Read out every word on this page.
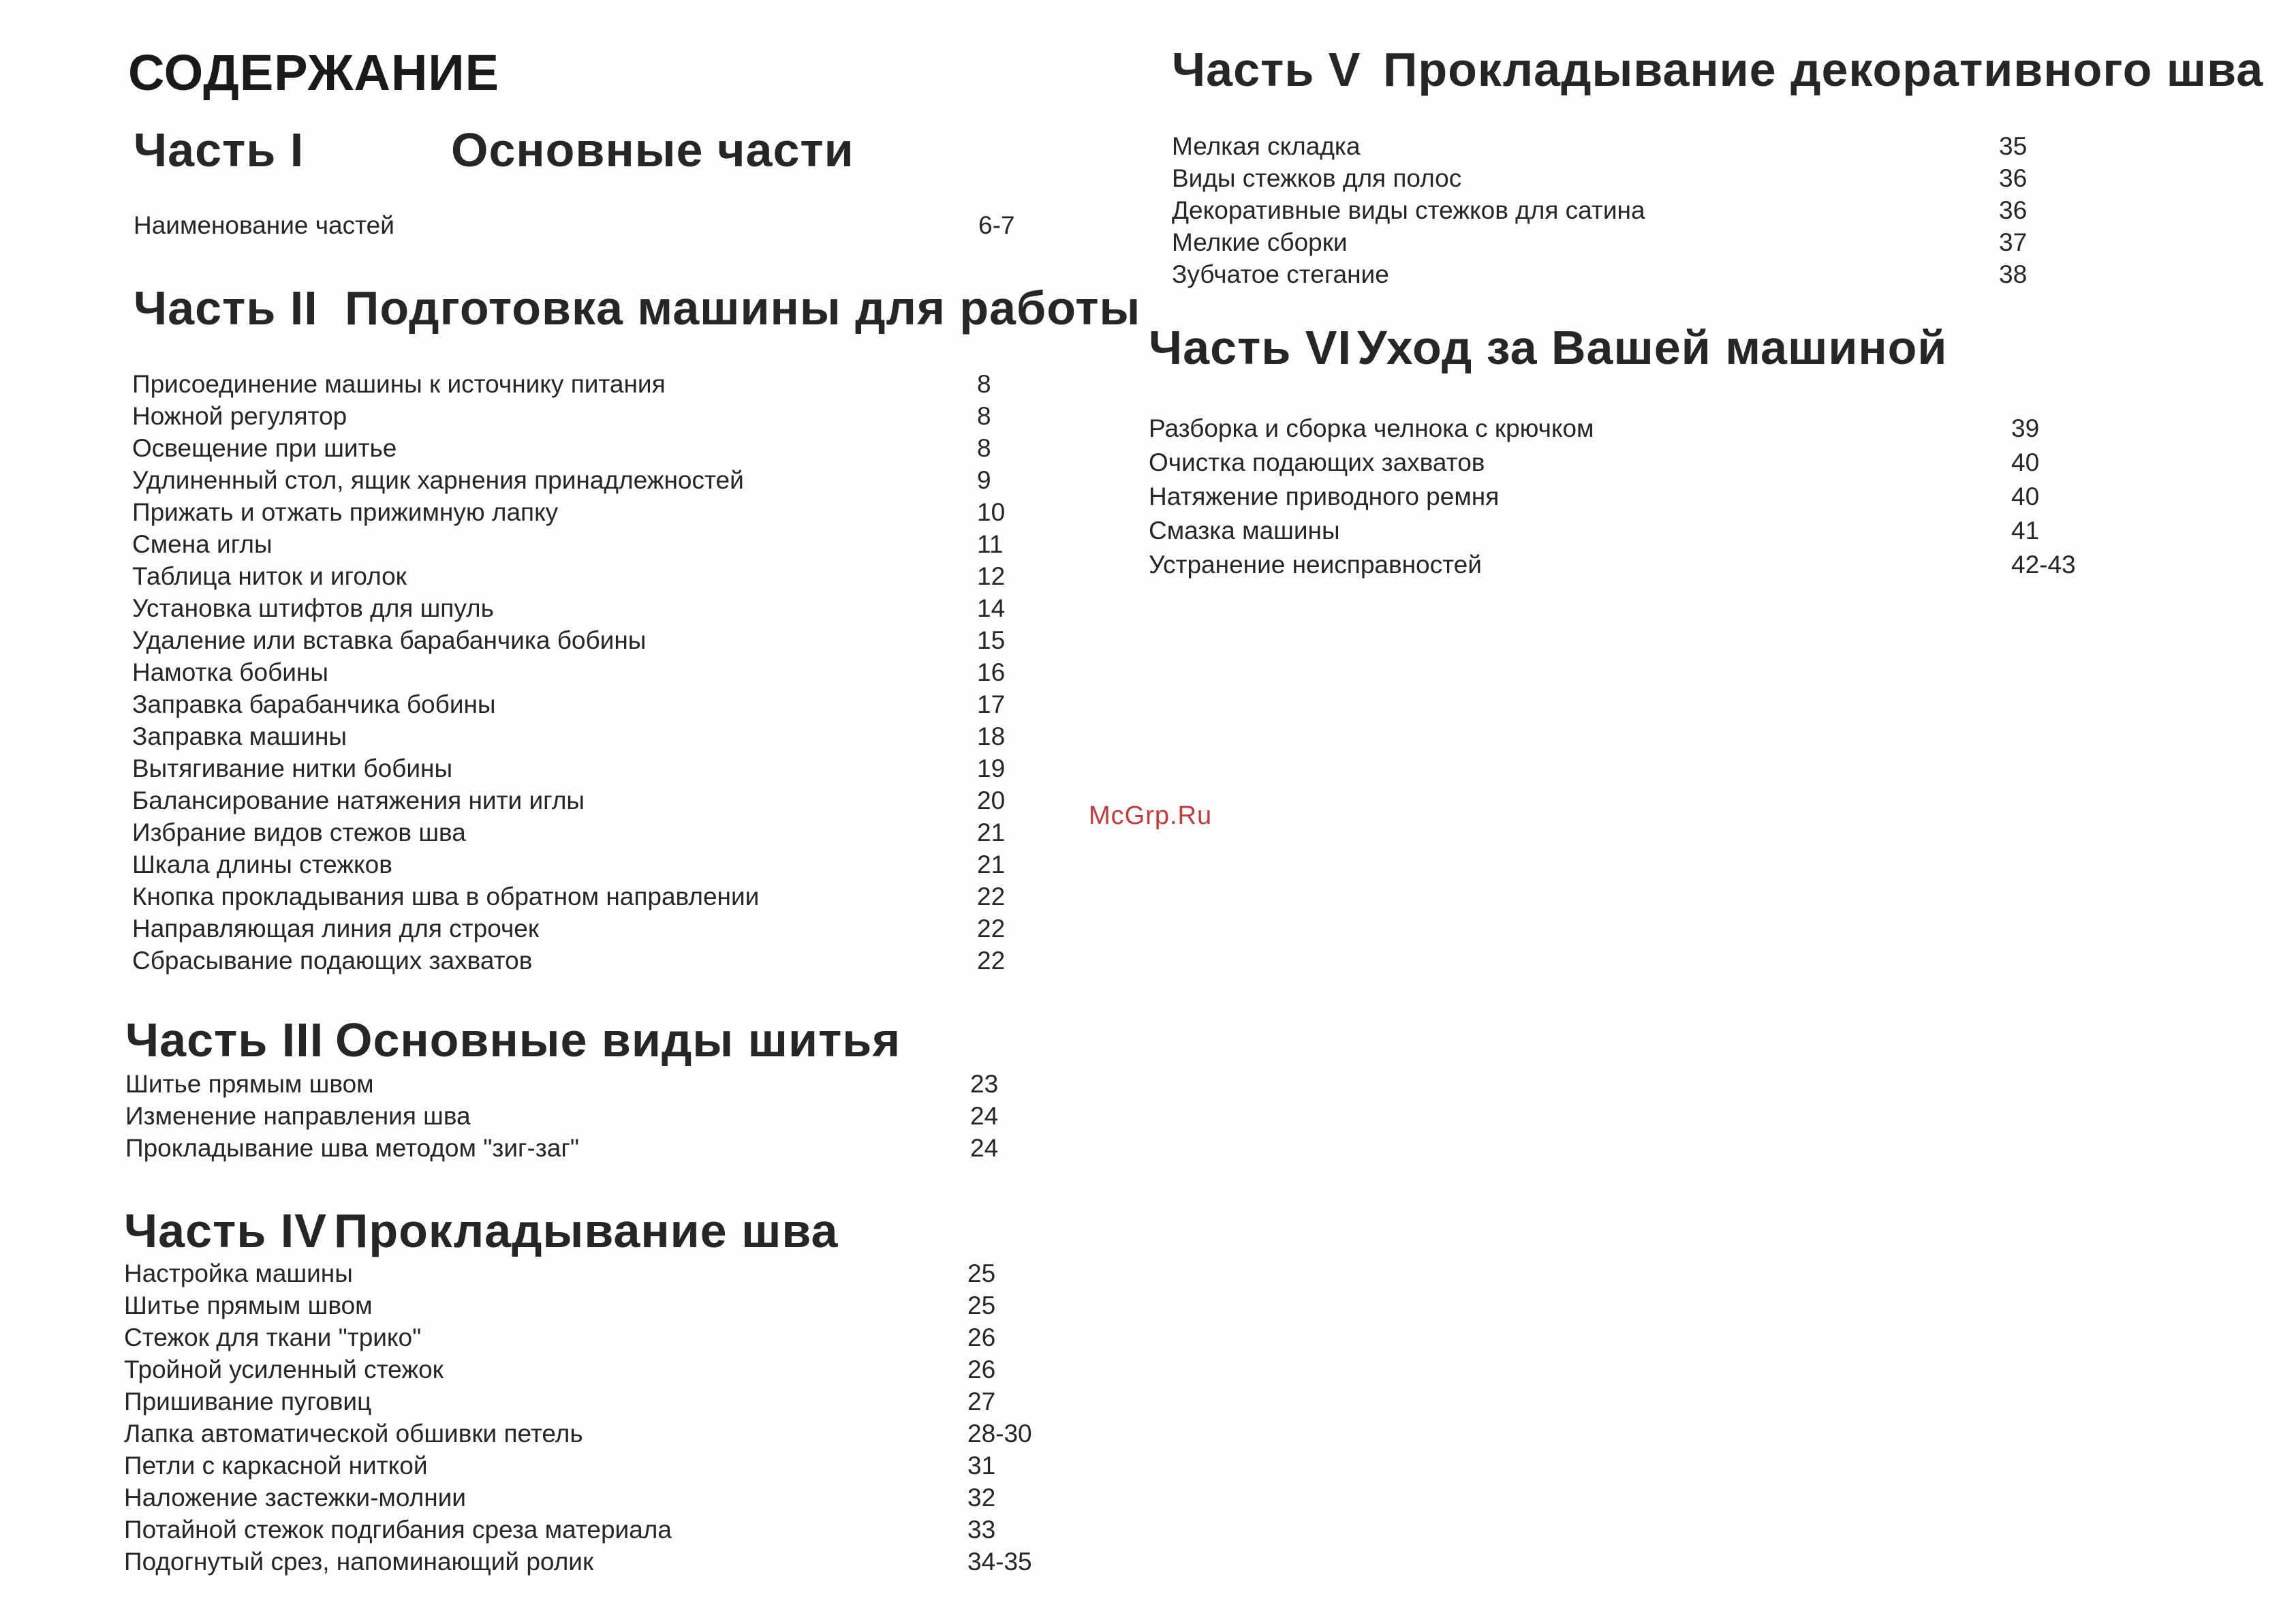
СОДЕРЖАНИЕ
Часть I	Основные части
Наименование частей	6-7
Часть II Подготовка машины для работы
Присоединение машины к источнику питания	8
Ножной регулятор	8
Освещение при шитье	8
Удлиненный стол, ящик харнения принадлежностей	9
Прижать и отжать прижимную лапку	10
Смена иглы	11
Таблица ниток и иголок	12
Установка штифтов для шпуль	14
Удаление или вставка барабанчика бобины	15
Намотка бобины	16
Заправка барабанчика бобины	17
Заправка машины	18
Вытягивание нитки бобины	19
Балансирование натяжения нити иглы	20
Избрание видов стежов шва	21
Шкала длины стежков	21
Кнопка прокладывания шва в обратном направлении	22
Направляющая линия для строчек	22
Сбрасывание подающих захватов	22
Часть III Основные виды шитья
Шитье прямым швом	23
Изменение направления шва	24
Прокладывание шва методом "зиг-заг"	24
Часть IV Прокладывание шва
Настройка машины	25
Шитье прямым швом	25
Стежок для ткани "трико"	26
Тройной усиленный стежок	26
Пришивание пуговиц	27
Лапка автоматической обшивки петель	28-30
Петли с каркасной ниткой	31
Наложение застежки-молнии	32
Потайной стежок подгибания среза материала	33
Подогнутый срез, напоминающий ролик	34-35
Часть V Прокладывание декоративного шва
Мелкая складка	35
Виды стежков для полос	36
Декоративные виды стежков для сатина	36
Мелкие сборки	37
Зубчатое стегание	38
Часть VI Уход за Вашей машиной
Разборка и сборка челнока с крючком	39
Очистка подающих захватов	40
Натяжение приводного ремня	40
Смазка машины	41
Устранение неисправностей	42-43
McGrp.Ru
